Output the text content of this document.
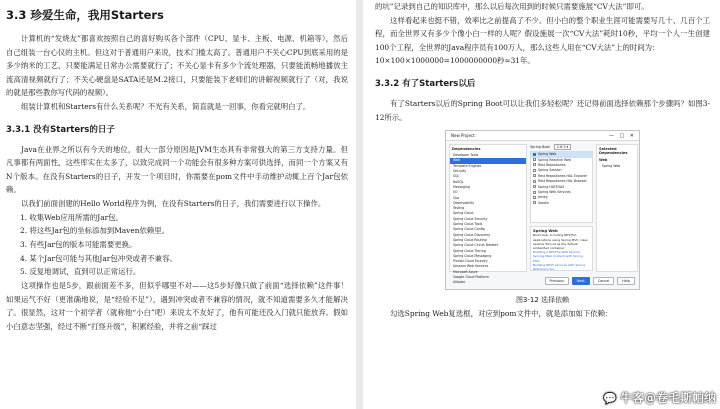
3.3 珍爱生命，我用Starters

计算机的“发烧友”都喜欢按照自己的喜好购买各个部件（CPU、显卡、主板、电源、机箱等），然后自己组装一台心仪的主机。但这对于普通用户来说，技术门槛太高了。普通用户不关心CPU到底采用的是多少纳米的工艺，只要能满足日常办公需要就行了；不关心显卡有多少个流处理器，只要能流畅地播放主流高清视频就行了；不关心硬盘是SATA还是M.2接口，只要能装下老师们的讲解视频就行了（对，我说的就是那些教你写代码的视频）。

组装计算机和Starters有什么关系呢？不光有关系，简直就是一回事，你看完就明白了。

3.3.1 没有Starters的日子

Java在业界之所以有今天的地位，很大一部分原因是JVM生态具有非常强大的第三方支持力量。但凡事都有两面性，这些库实在太多了，以致完成同一个功能会有很多种方案可供选择，而同一个方案又有N个版本。在没有Starters的日子，开发一个项目时，你需要在pom文件中手动维护动辄上百个Jar包依赖。

以我们前面创建的Hello World程序为例，在没有Starters的日子，我们需要进行以下操作。

1. 收集Web应用所需的Jar包。
2. 将这些Jar包的坐标添加到Maven依赖里。
3. 有些Jar包的版本可能需要更换。
4. 某个Jar包可能与其他Jar包冲突或者不兼容。
5. 反复地调试，直到可以正常运行。

这项操作也是5步，跟前面差不多，但似乎哪里不对——这5步好像只做了前面“选择依赖”这件事！如果运气不好（更准确地说，是“经验不足”），遇到冲突或者不兼容的情况，就不知道需要多久才能解决了。很显然，这对一个初学者（就称他“小白”吧）来说太不友好了，他有可能还没入门就只能放弃。假如小白意志坚强，经过不断“打怪升级”，积累经验，并将之前“踩过

的坑”记录到自己的知识库中，那么以后每次用到的时候只需要施展“CV大法”即可。

这样看起来也挺不错，效率比之前提高了不少。但小白的整个职业生涯可能需要写几十、几百个工程，而全世界又有多少个像小白一样的人呢？假设施展一次“CV大法”耗时10秒，平均一个人一生创建100个工程，全世界的Java程序员有100万人，那么这些人用在“CV大法”上的时间为：

10×100×1000000=1000000000秒≈31年。
3.3.2 有了Starters以后

有了Starters以后的Spring Boot可以让我们多轻松呢？还记得前面选择依赖那个步骤吗？如图3-12所示。

New Project	— □ ✕
Dependencies
Developer Tools
Web
Template Engines
Security
SQL
NoSQL
Messaging
I/O
Ops
Observability
Testing
Spring Cloud
Spring Cloud Security
Spring Cloud Tools
Spring Cloud Config
Spring Cloud Discovery
Spring Cloud Routing
Spring Cloud Circuit Breaker
Spring Cloud Tracing
Spring Cloud Messaging
Pivotal Cloud Foundry
Amazon Web Services
Microsoft Azure
Google Cloud Platform
Alibaba
Spring Boot 2.6.3 ▾
Spring Web
Spring Reactive Web
Rest Repositories
Spring Session
Rest Repositories HAL Explorer
Rest Repositories HAL Browser
Spring HATEOAS
Spring Web Services
Jersey
Vaadin
Spring Web
Build web, including RESTful, applications using Spring MVC. Uses Apache Tomcat as the default embedded container.
Building a RESTful Web Service
Serving Web Content with Spring MVC
Building REST services with Spring
Reference doc
Selected Dependencies
Web
Spring Web
Previous	Next	Cancel	Help
图3-12 选择依赖

勾选Spring Web复选框，对应到pom文件中，就是添加如下依赖：

💬 牛客@卷毛斯帕纳
